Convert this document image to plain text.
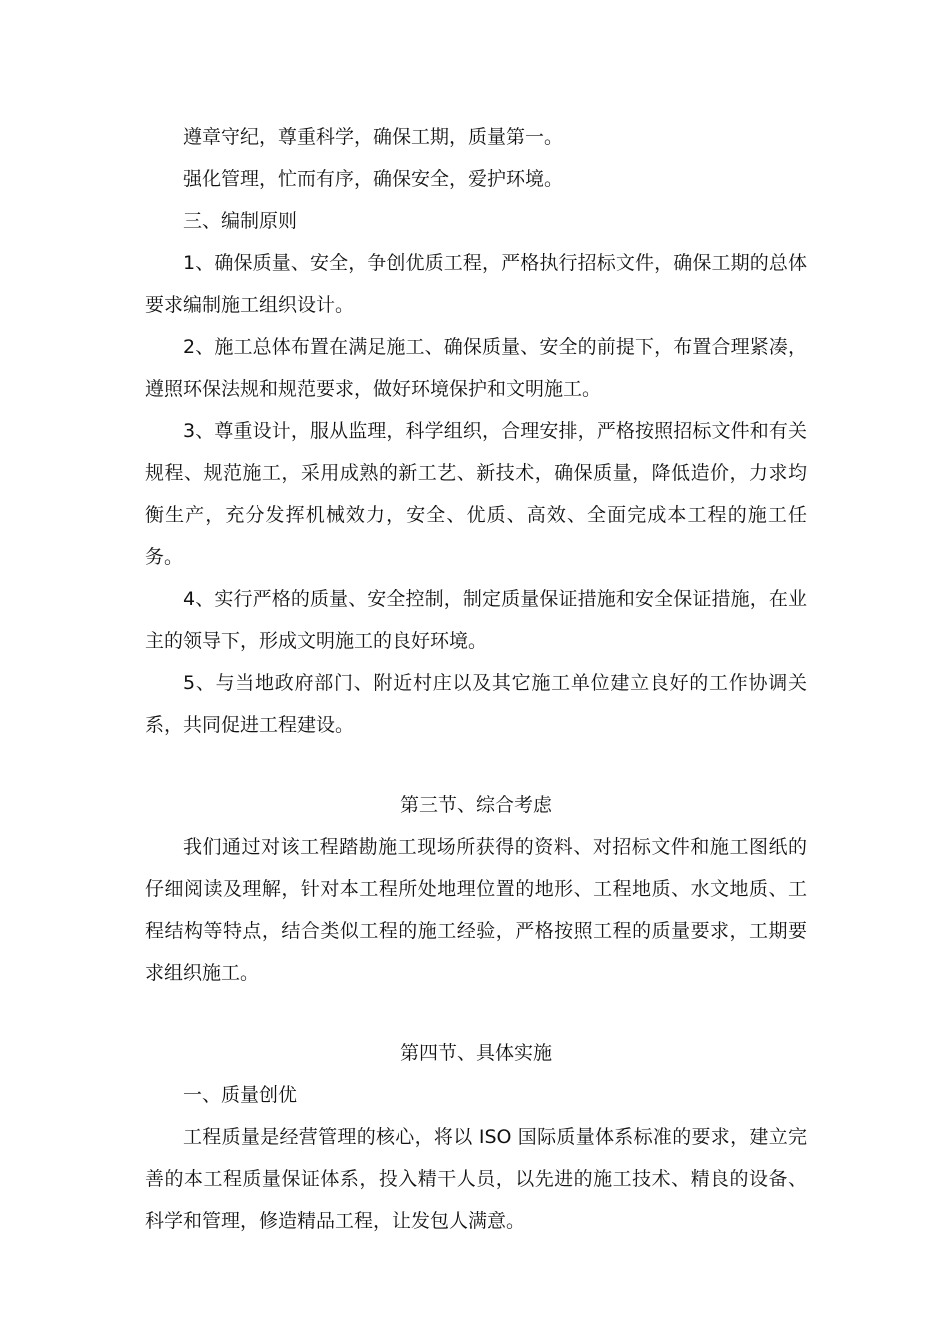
遵章守纪，尊重科学，确保工期，质量第一。

强化管理，忙而有序，确保安全，爱护环境。

三、编制原则

1、确保质量、安全，争创优质工程，严格执行招标文件，确保工期的总体要求编制施工组织设计。

2、施工总体布置在满足施工、确保质量、安全的前提下，布置合理紧凑，遵照环保法规和规范要求，做好环境保护和文明施工。

3、尊重设计，服从监理，科学组织，合理安排，严格按照招标文件和有关规程、规范施工，采用成熟的新工艺、新技术，确保质量，降低造价，力求均衡生产，充分发挥机械效力，安全、优质、高效、全面完成本工程的施工任务。

4、实行严格的质量、安全控制，制定质量保证措施和安全保证措施，在业主的领导下，形成文明施工的良好环境。

5、与当地政府部门、附近村庄以及其它施工单位建立良好的工作协调关系，共同促进工程建设。

第三节、综合考虑

我们通过对该工程踏勘施工现场所获得的资料、对招标文件和施工图纸的仔细阅读及理解，针对本工程所处地理位置的地形、工程地质、水文地质、工程结构等特点，结合类似工程的施工经验，严格按照工程的质量要求，工期要求组织施工。

第四节、具体实施

一、质量创优

工程质量是经营管理的核心，将以 ISO 国际质量体系标准的要求，建立完善的本工程质量保证体系，投入精干人员，以先进的施工技术、精良的设备、科学和管理，修造精品工程，让发包人满意。
